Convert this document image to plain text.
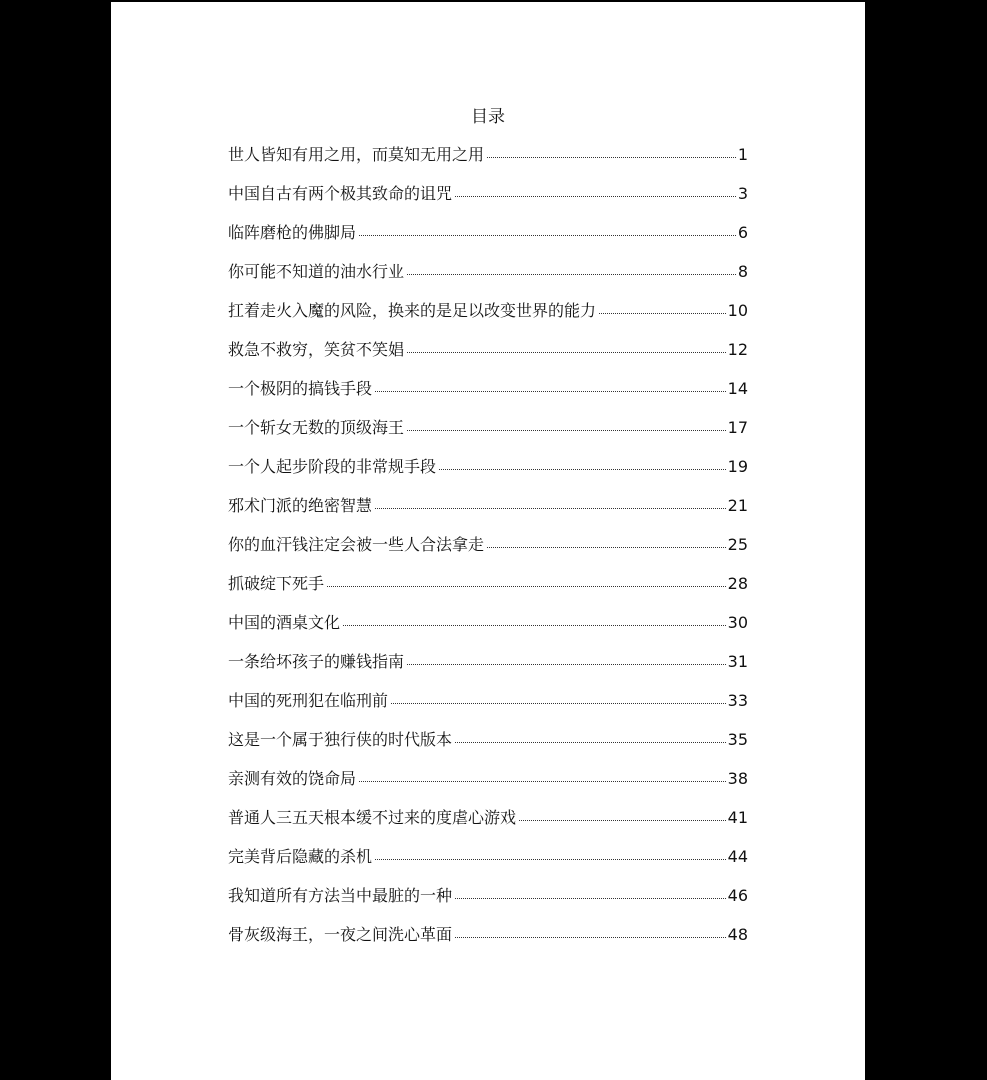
目录
世人皆知有用之用，而莫知无用之用	1
中国自古有两个极其致命的诅咒	3
临阵磨枪的佛脚局	6
你可能不知道的油水行业	8
扛着走火入魔的风险，换来的是足以改变世界的能力	10
救急不救穷，笑贫不笑娼	12
一个极阴的搞钱手段	14
一个斩女无数的顶级海王	17
一个人起步阶段的非常规手段	19
邪术门派的绝密智慧	21
你的血汗钱注定会被一些人合法拿走	25
抓破绽下死手	28
中国的酒桌文化	30
一条给坏孩子的赚钱指南	31
中国的死刑犯在临刑前	33
这是一个属于独行侠的时代版本	35
亲测有效的饶命局	38
普通人三五天根本缓不过来的度虐心游戏	41
完美背后隐藏的杀机	44
我知道所有方法当中最脏的一种	46
骨灰级海王，一夜之间洗心革面	48
